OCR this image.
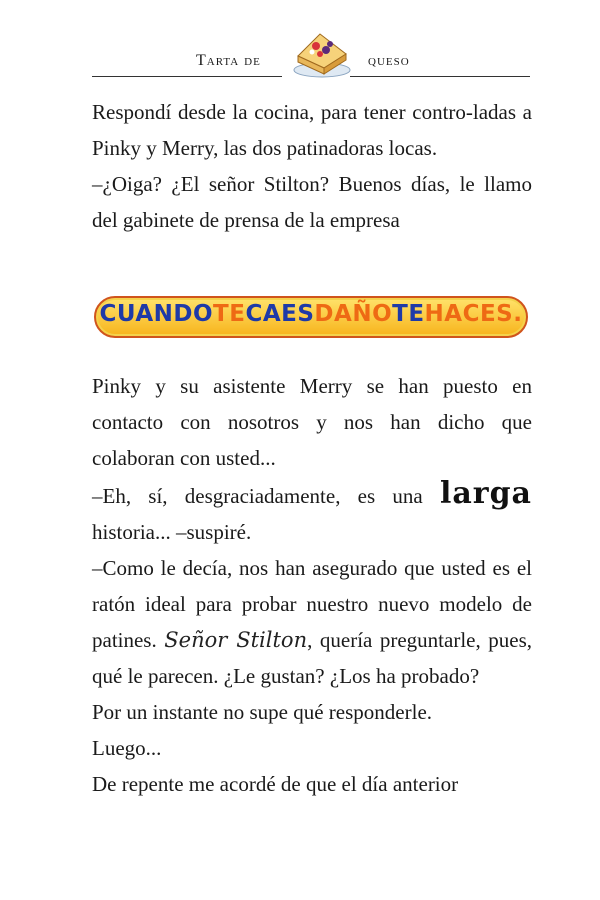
Tarta de	queso

Respondí desde la cocina, para tener contro-ladas a Pinky y Merry, las dos patinadoras locas.

–¿Oiga? ¿El señor Stilton? Buenos días, le llamo del gabinete de prensa de la empresa

CUANDOTECAESDAÑOTEHACES.

Pinky y su asistente Merry se han puesto en contacto con nosotros y nos han dicho que colaboran con usted...

–Eh, sí, desgraciadamente, es una larga historia... –suspiré.

–Como le decía, nos han asegurado que usted es el ratón ideal para probar nuestro nuevo modelo de patines. Señor Stilton, quería preguntarle, pues, qué le parecen. ¿Le gustan? ¿Los ha probado?

Por un instante no supe qué responderle.

Luego...

De repente me acordé de que el día anterior
